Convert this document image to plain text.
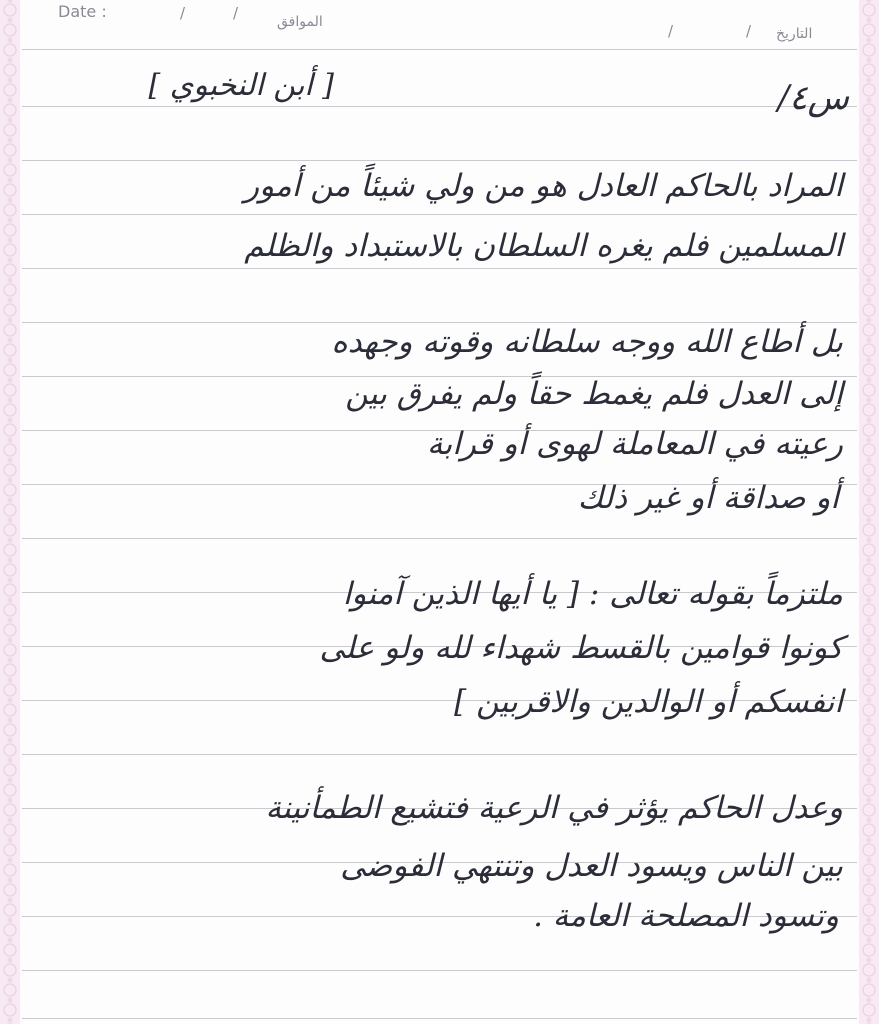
Date :	/	/	الموافق	/	/ التاريخ
س٤/
[ أبن النخبوي ]
المراد بالحاكم العادل هو من ولي شيئاً من أمور
المسلمين فلم يغره السلطان بالاستبداد والظلم
بل أطاع الله ووجه سلطانه وقوته وجهده
إلى العدل فلم يغمط حقاً ولم يفرق بين
رعيته في المعاملة لهوى أو قرابة
أو صداقة أو غير ذلك
ملتزماً بقوله تعالى : [ يا أيها الذين آمنوا
كونوا قوامين بالقسط شهداء لله ولو على
انفسكم أو الوالدين والاقربين ]
وعدل الحاكم يؤثر في الرعية فتشيع الطمأنينة
بين الناس ويسود العدل وتنتهي الفوضى
وتسود المصلحة العامة .
